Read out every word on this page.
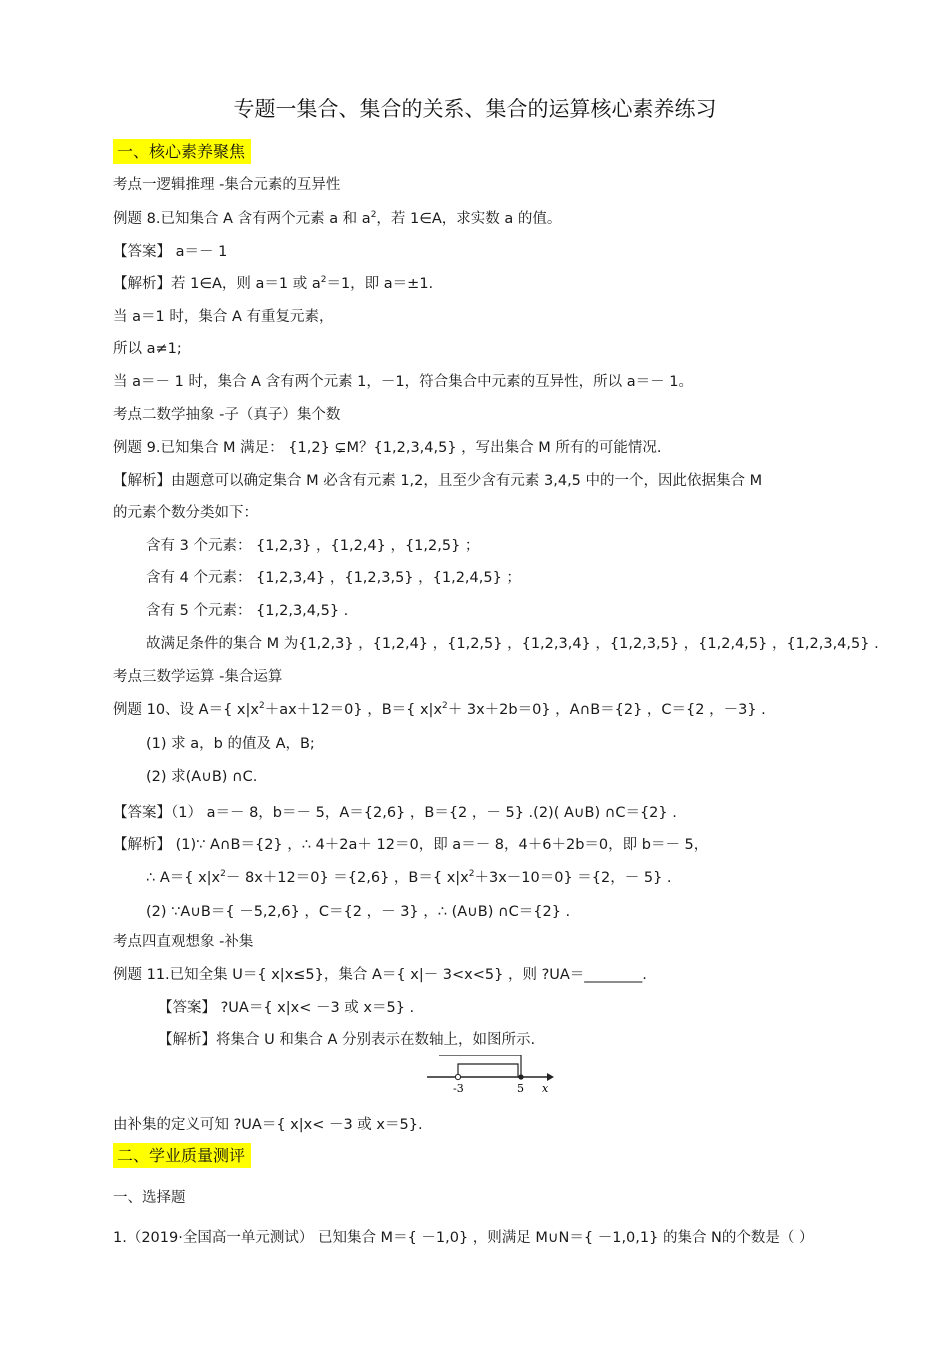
专题一集合、集合的关系、集合的运算核心素养练习
一、核心素养聚焦
考点一逻辑推理 -集合元素的互异性
例题 8.已知集合 A 含有两个元素 a 和 $a^2$，若 1∈A，求实数 a 的值。
【答案】 a＝－ 1
【解析】若 1∈A，则 a＝1 或 $a^2=1$，即 a＝±1.
当 a＝1 时，集合 A 有重复元素，
所以 a≠1;
当 a＝－ 1 时，集合 A 含有两个元素 1，－1，符合集合中元素的互异性，所以 a＝－ 1。
考点二数学抽象 -子（真子）集个数
例题 9.已知集合 M 满足： {1,2} ⊊M？{1,2,3,4,5} ，写出集合 M 所有的可能情况.
【解析】由题意可以确定集合 M 必含有元素 1,2，且至少含有元素 3,4,5 中的一个，因此依据集合 M
的元素个数分类如下：
含有 3 个元素： {1,2,3} ，{1,2,4} ，{1,2,5} ；
含有 4 个元素： {1,2,3,4} ，{1,2,3,5} ，{1,2,4,5} ；
含有 5 个元素： {1,2,3,4,5} .
故满足条件的集合 M 为{1,2,3} ，{1,2,4} ，{1,2,5} ，{1,2,3,4} ，{1,2,3,5} ，{1,2,4,5} ，{1,2,3,4,5} .
考点三数学运算 -集合运算
例题 10、设 A＝{ $x|x^2+ax+12=0$} ，B＝{ $x|x^2+ 3x+2b=0$} ，A∩B＝{2} ，C＝{2 ，－3} .
(1) 求 a，b 的值及 A，B;
(2) 求(A∪B) ∩C.
【答案】（1） a＝－ 8，b＝－ 5，A＝{2,6} ，B＝{2 ，－ 5} .(2)( A∪B) ∩C＝{2} .
【解析】 (1)∵ A∩B＝{2} ，∴ 4＋2a＋ 12＝0，即 a＝－ 8，4＋6＋2b＝0，即 b＝－ 5，
∴ A＝{ $x|x^2- 8x+12=0\} =\{2,6\}$ ，B＝{ $x|x^2+3x-10=0\} =\{2$，－ 5} .
(2) ∵A∪B＝{ －5,2,6} ，C＝{2 ，－ 3} ，∴ (A∪B) ∩C＝{2} .
考点四直观想象 -补集
例题 11.已知全集 U＝{ x|x≤5}，集合 A＝{ x|－ 3<x<5} ，则 ?UA＝________.
【答案】 ?UA＝{ x|x< －3 或 x＝5} .
【解析】将集合 U 和集合 A 分别表示在数轴上，如图所示.
-3	5 x
由补集的定义可知 ?UA＝{ x|x< －3 或 x＝5}.
二、学业质量测评
一、选择题
1.（2019·全国高一单元测试） 已知集合 M＝{ －1,0} ，则满足 M∪N＝{ －1,0,1} 的集合 N的个数是（ ）
